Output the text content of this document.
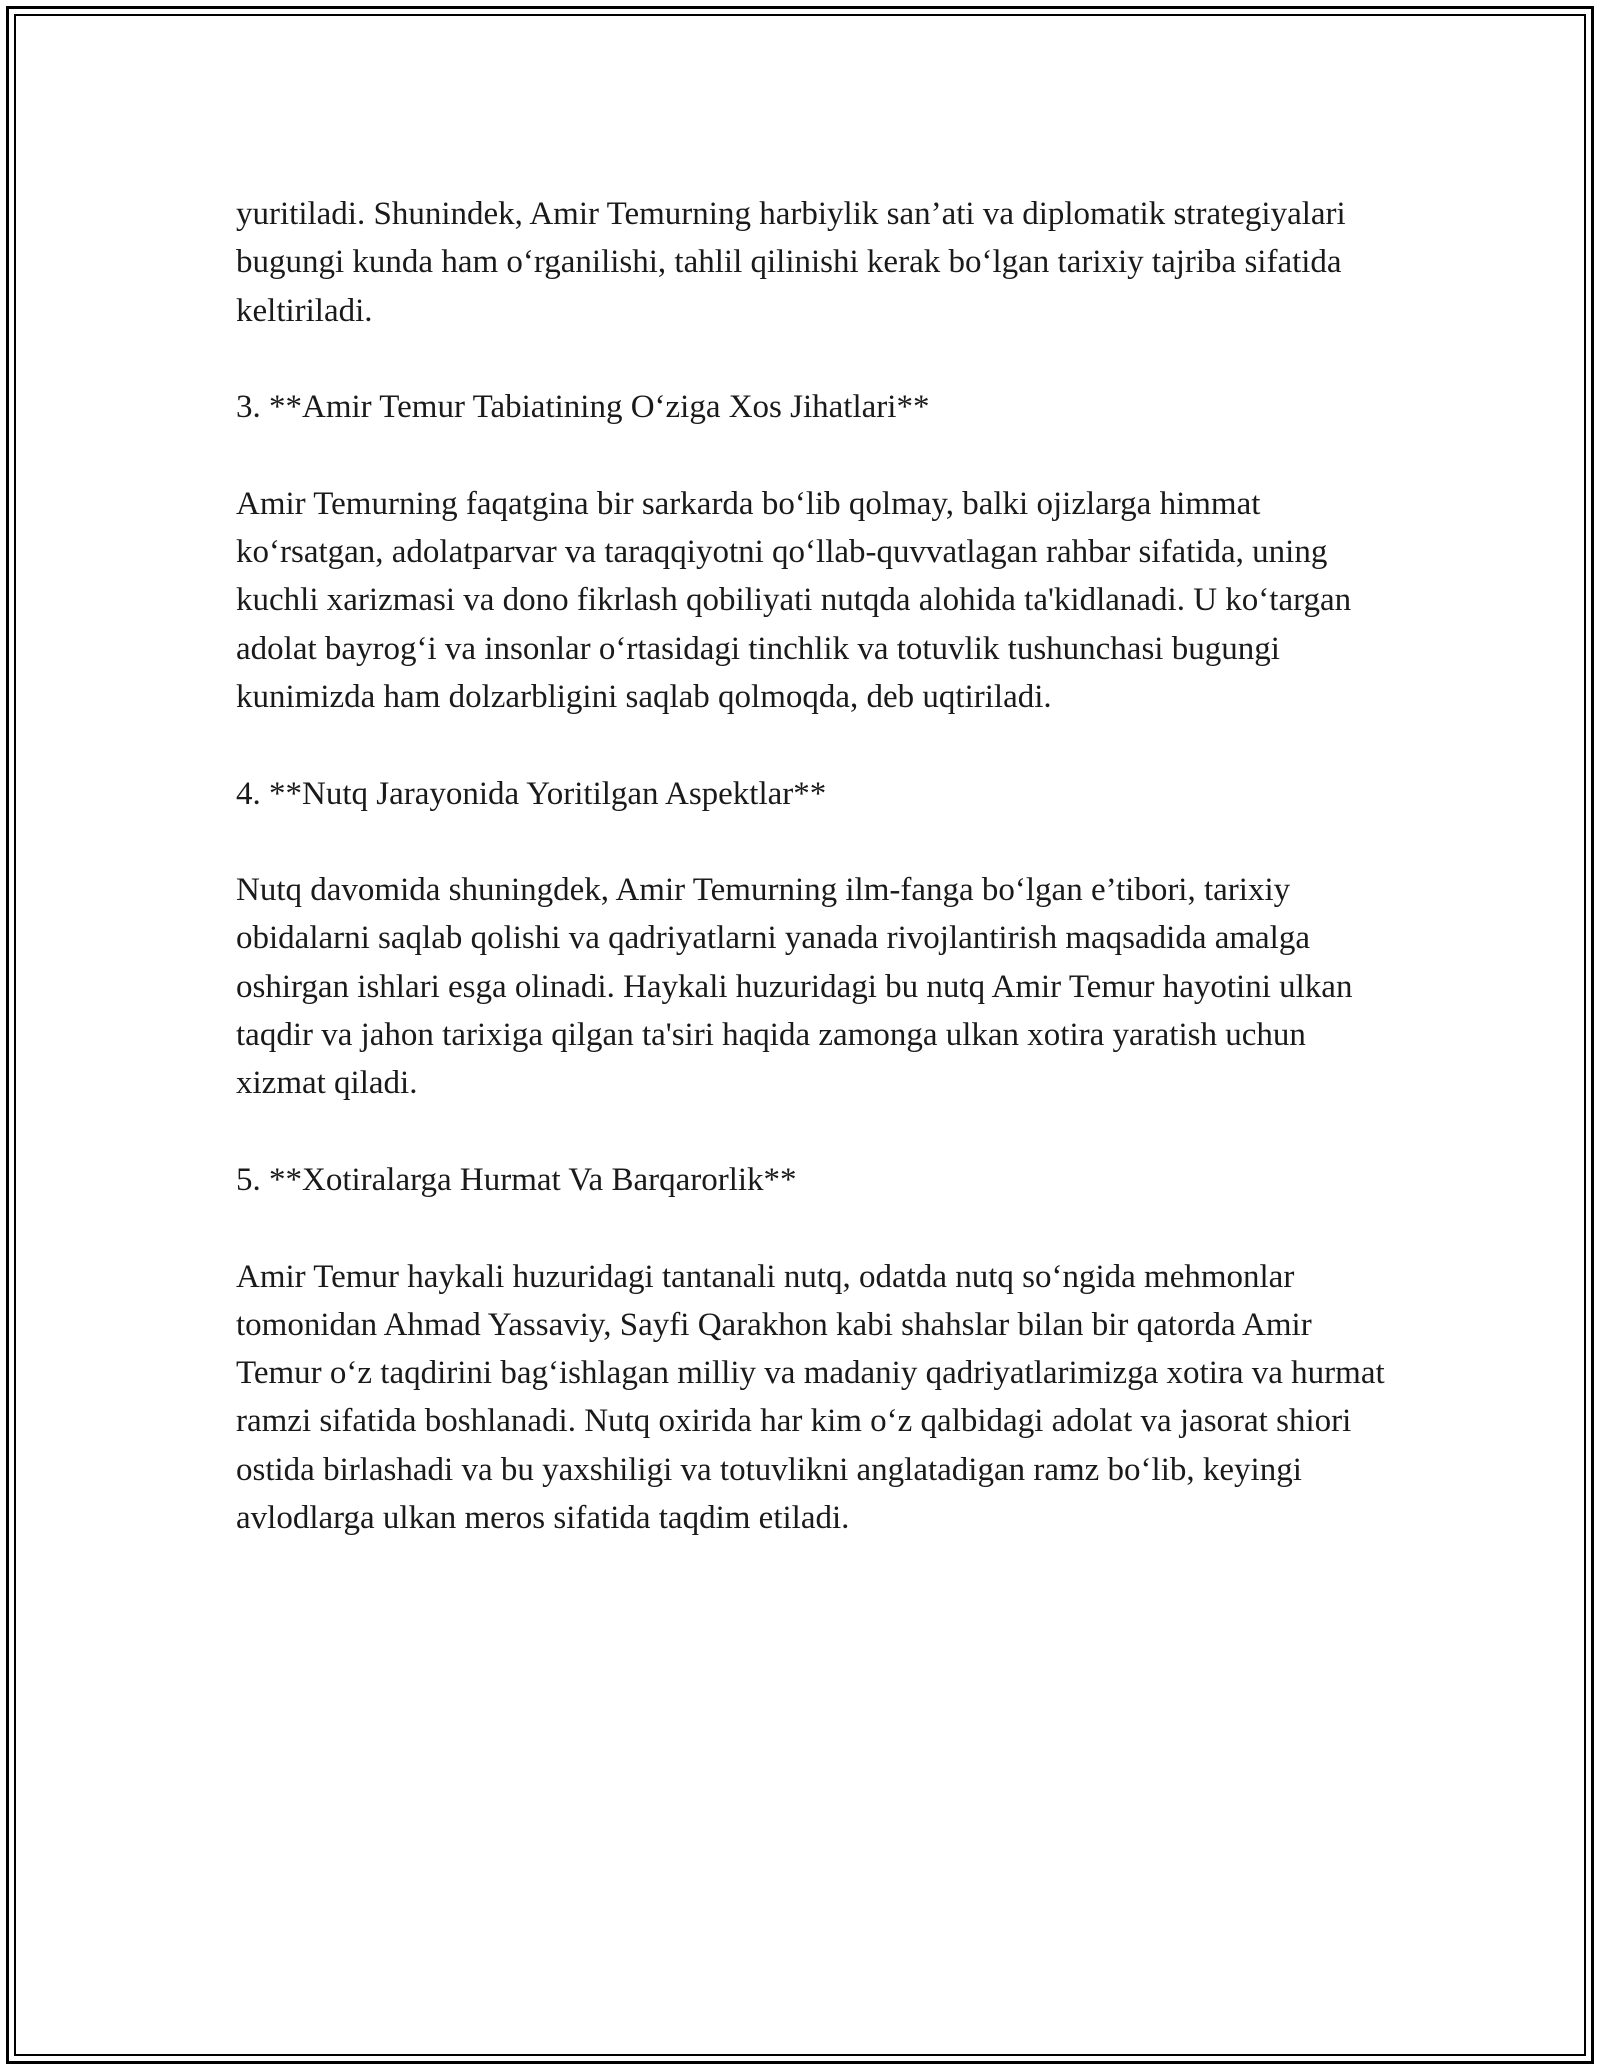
yuritiladi. Shunindek, Amir Temurning harbiylik san’ati va diplomatik strategiyalari bugungi kunda ham o‘rganilishi, tahlil qilinishi kerak bo‘lgan tarixiy tajriba sifatida keltiriladi.

3. **Amir Temur Tabiatining O‘ziga Xos Jihatlari**

Amir Temurning faqatgina bir sarkarda bo‘lib qolmay, balki ojizlarga himmat ko‘rsatgan, adolatparvar va taraqqiyotni qo‘llab-quvvatlagan rahbar sifatida, uning kuchli xarizmasi va dono fikrlash qobiliyati nutqda alohida ta'kidlanadi. U ko‘targan adolat bayrog‘i va insonlar o‘rtasidagi tinchlik va totuvlik tushunchasi bugungi kunimizda ham dolzarbligini saqlab qolmoqda, deb uqtiriladi.

4. **Nutq Jarayonida Yoritilgan Aspektlar**

Nutq davomida shuningdek, Amir Temurning ilm-fanga bo‘lgan e’tibori, tarixiy obidalarni saqlab qolishi va qadriyatlarni yanada rivojlantirish maqsadida amalga oshirgan ishlari esga olinadi. Haykali huzuridagi bu nutq Amir Temur hayotini ulkan taqdir va jahon tarixiga qilgan ta'siri haqida zamonga ulkan xotira yaratish uchun xizmat qiladi.

5. **Xotiralarga Hurmat Va Barqarorlik**

Amir Temur haykali huzuridagi tantanali nutq, odatda nutq so‘ngida mehmonlar tomonidan Ahmad Yassaviy, Sayfi Qarakhon kabi shahslar bilan bir qatorda Amir Temur o‘z taqdirini bag‘ishlagan milliy va madaniy qadriyatlarimizga xotira va hurmat ramzi sifatida boshlanadi. Nutq oxirida har kim o‘z qalbidagi adolat va jasorat shiori ostida birlashadi va bu yaxshiligi va totuvlikni anglatadigan ramz bo‘lib, keyingi avlodlarga ulkan meros sifatida taqdim etiladi.
